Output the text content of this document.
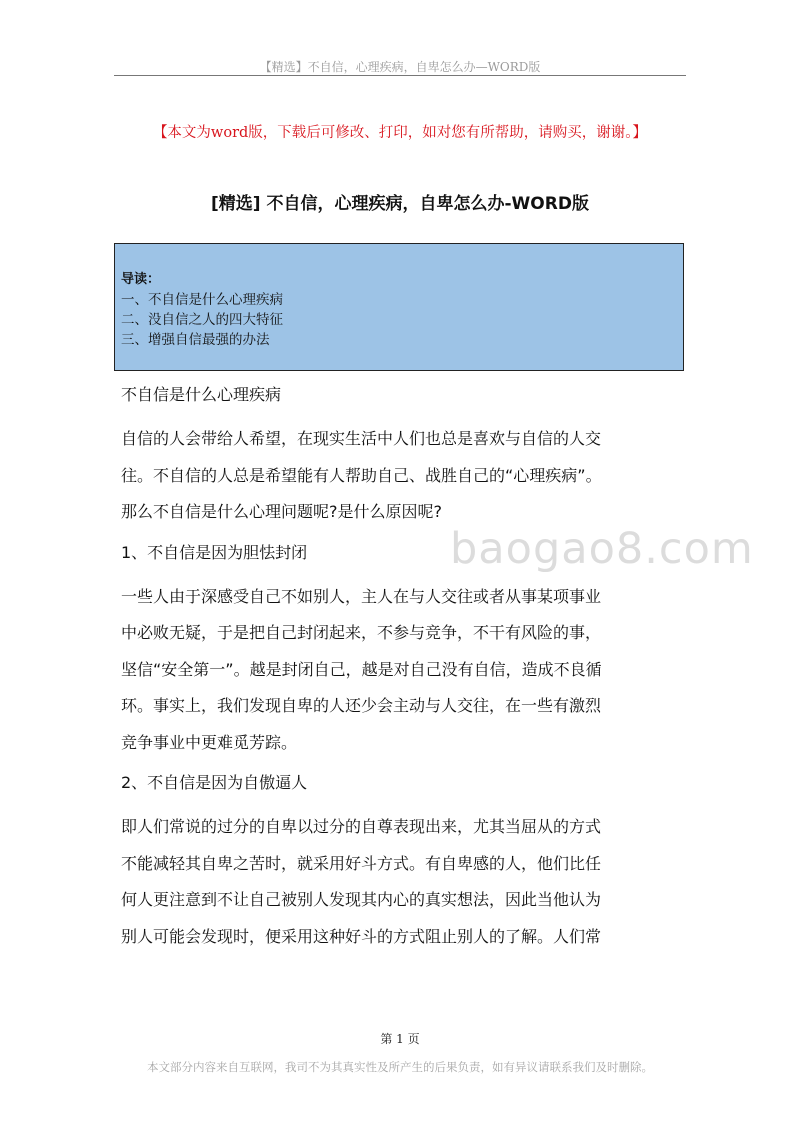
【精选】不自信，心理疾病，自卑怎么办—WORD版
【本文为word版，下载后可修改、打印，如对您有所帮助，请购买，谢谢。】
[精选] 不自信，心理疾病，自卑怎么办-WORD版
导读：
一、不自信是什么心理疾病
二、没自信之人的四大特征
三、增强自信最强的办法
baogao8.com
不自信是什么心理疾病
自信的人会带给人希望，在现实生活中人们也总是喜欢与自信的人交
往。不自信的人总是希望能有人帮助自己、战胜自己的“心理疾病”。
那么不自信是什么心理问题呢?是什么原因呢?
1、不自信是因为胆怯封闭
一些人由于深感受自己不如别人，主人在与人交往或者从事某项事业
中必败无疑，于是把自己封闭起来，不参与竞争，不干有风险的事，
坚信“安全第一”。越是封闭自己，越是对自己没有自信，造成不良循
环。事实上，我们发现自卑的人还少会主动与人交往，在一些有激烈
竞争事业中更难觅芳踪。
2、不自信是因为自傲逼人
即人们常说的过分的自卑以过分的自尊表现出来，尤其当屈从的方式
不能减轻其自卑之苦时，就采用好斗方式。有自卑感的人，他们比任
何人更注意到不让自己被别人发现其内心的真实想法，因此当他认为
别人可能会发现时，便采用这种好斗的方式阻止别人的了解。人们常
第 1 页
本文部分内容来自互联网，我司不为其真实性及所产生的后果负责，如有异议请联系我们及时删除。
